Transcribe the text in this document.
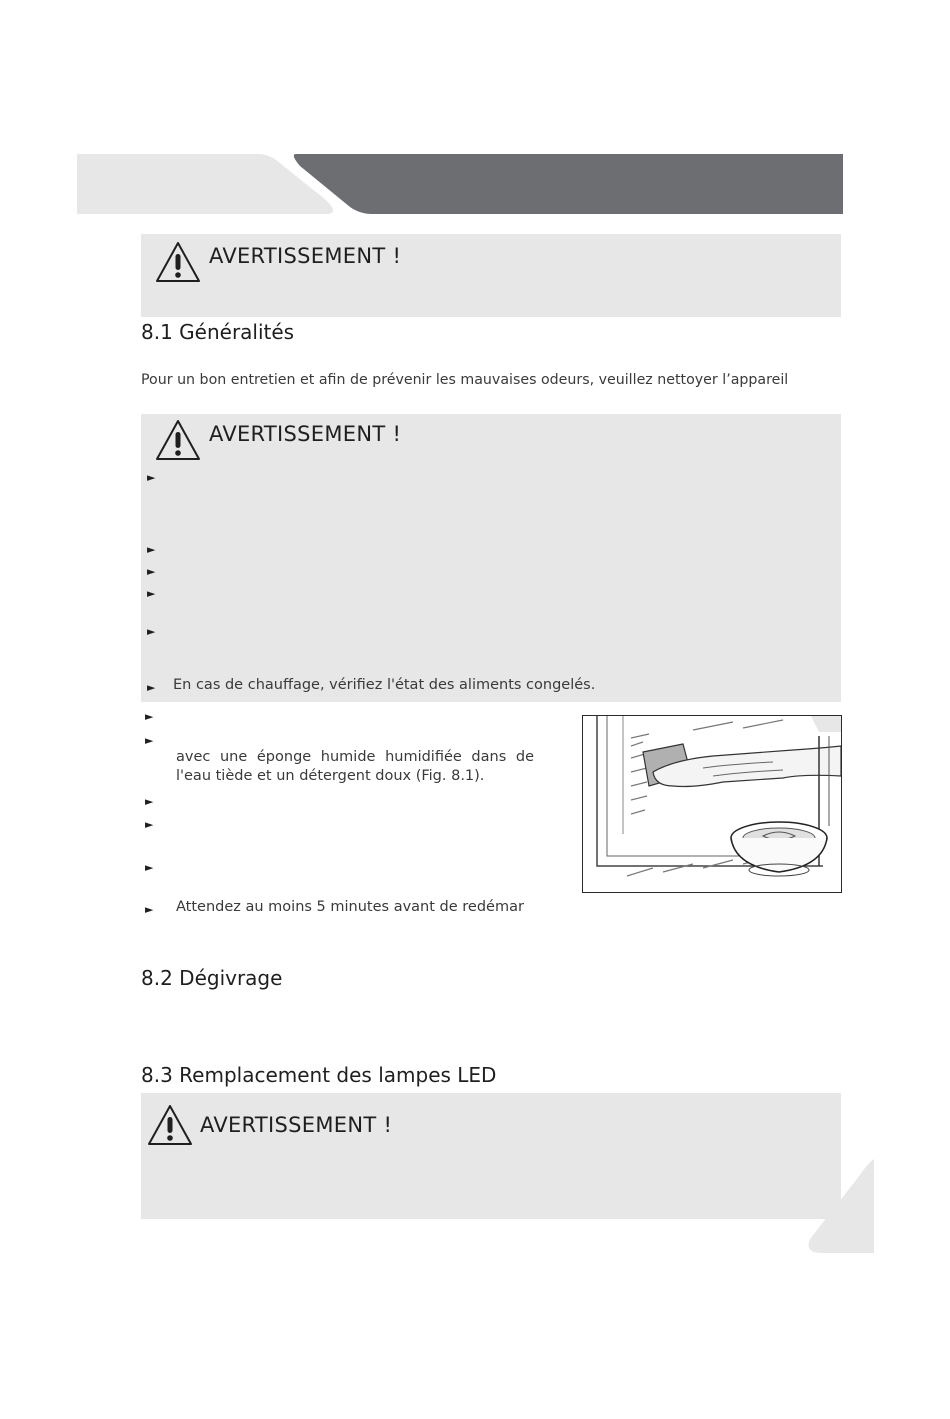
AVERTISSEMENT !
8.1 Généralités
Pour un bon entretien et afin de prévenir les mauvaises odeurs, veuillez nettoyer l’appareil
AVERTISSEMENT !
►
►
►
►
►
► En cas de chauffage, vérifiez l'état des aliments congelés.
►
►
avec une éponge humide humidifiée dans de
l'eau tiède et un détergent doux (Fig. 8.1).
►
►
►
► Attendez au moins 5 minutes avant de redémar
8.2 Dégivrage
8.3 Remplacement des lampes LED
AVERTISSEMENT !
